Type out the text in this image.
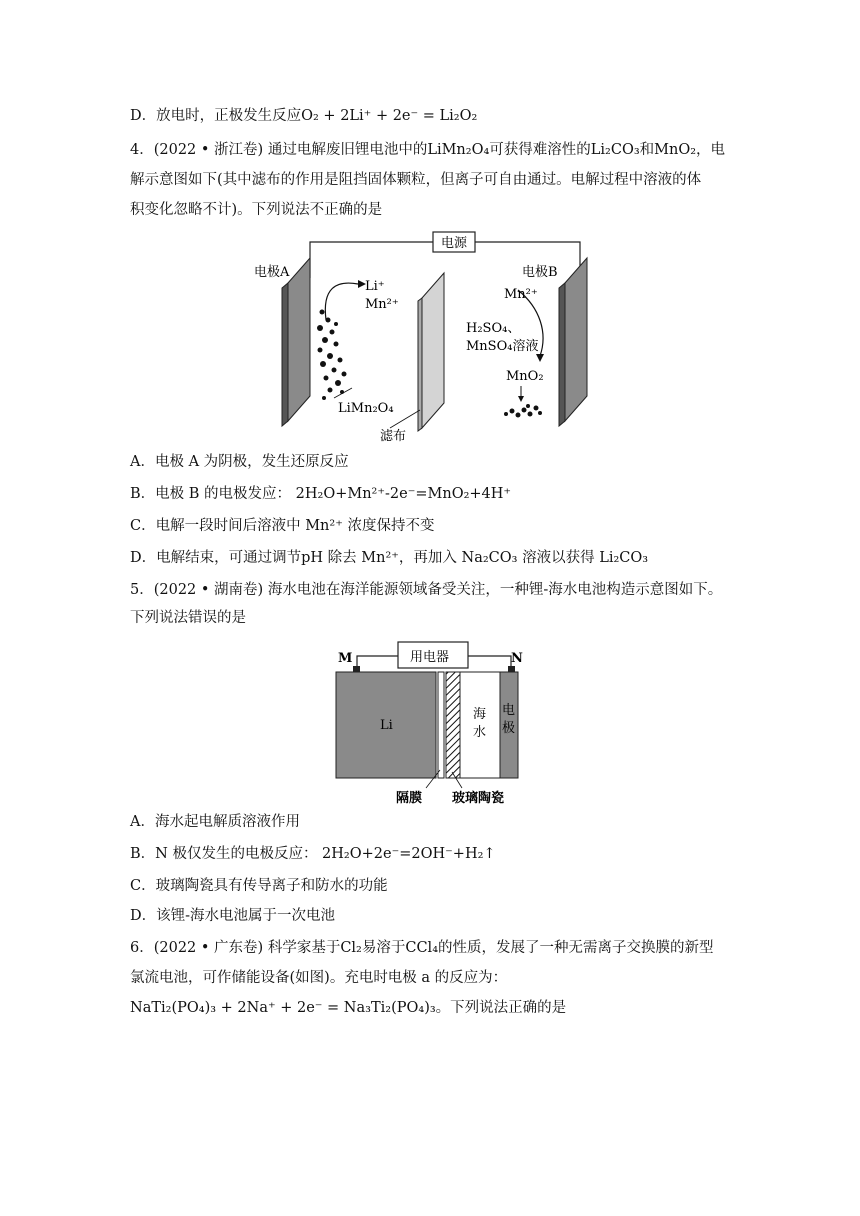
D．放电时，正极发生反应O₂ + 2Li⁺ + 2e⁻ = Li₂O₂
4．(2022 • 浙江卷) 通过电解废旧锂电池中的LiMn₂O₄可获得难溶性的Li₂CO₃和MnO₂，电
解示意图如下(其中滤布的作用是阻挡固体颗粒，但离子可自由通过。电解过程中溶液的体
积变化忽略不计)。下列说法不正确的是
电极A
电源
Li⁺
Mn²⁺
电极B
Mn²⁺
H₂SO₄、
MnSO₄溶液
MnO₂
LiMn₂O₄
滤布
A．电极 A 为阴极，发生还原反应
B．电极 B 的电极发应： 2H₂O+Mn²⁺-2e⁻=MnO₂+4H⁺
C．电解一段时间后溶液中 Mn²⁺ 浓度保持不变
D．电解结束，可通过调节pH 除去 Mn²⁺，再加入 Na₂CO₃ 溶液以获得 Li₂CO₃
5．(2022 • 湖南卷) 海水电池在海洋能源领域备受关注，一种锂-海水电池构造示意图如下。
下列说法错误的是
M	N
用电器
Li
海
水
电
极
隔膜 玻璃陶瓷
A．海水起电解质溶液作用
B．N 极仅发生的电极反应： 2H₂O+2e⁻=2OH⁻+H₂↑
C．玻璃陶瓷具有传导离子和防水的功能
D．该锂-海水电池属于一次电池
6．(2022 • 广东卷) 科学家基于Cl₂易溶于CCl₄的性质，发展了一种无需离子交换膜的新型
氯流电池，可作储能设备(如图)。充电时电极 a 的反应为：
NaTi₂(PO₄)₃ + 2Na⁺ + 2e⁻ = Na₃Ti₂(PO₄)₃。下列说法正确的是
